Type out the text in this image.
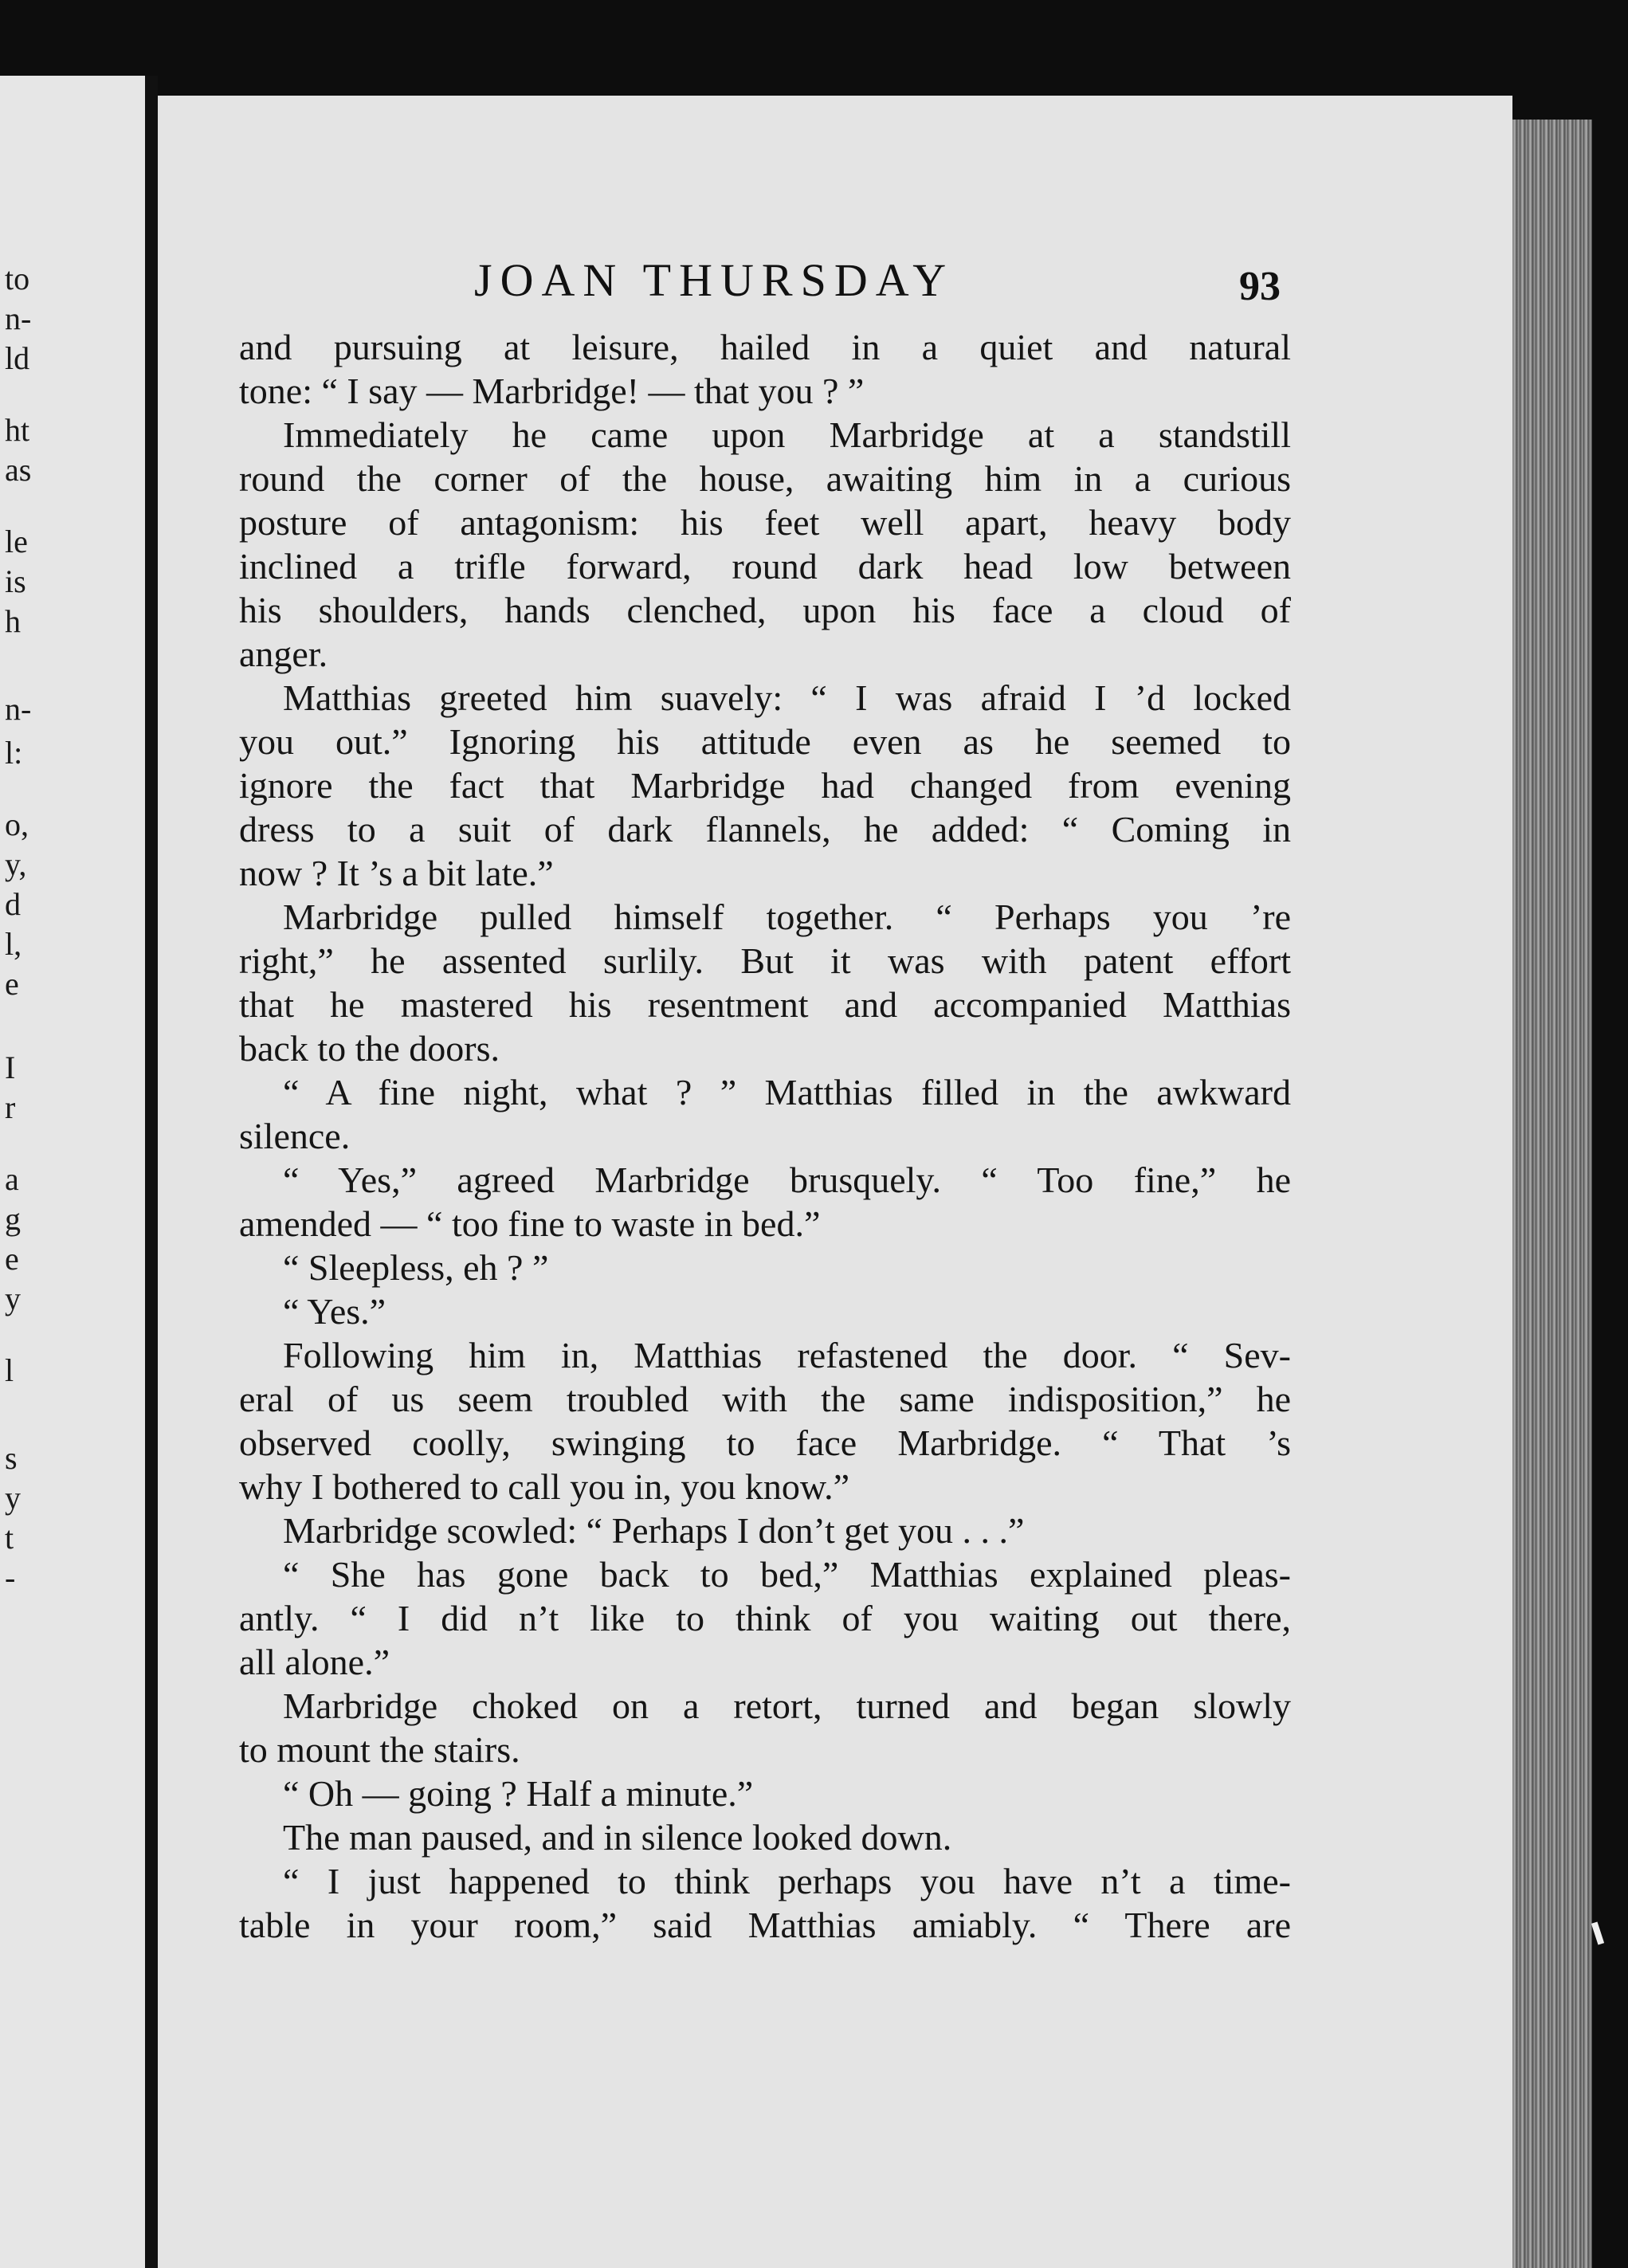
to
n-
ld
ht
as
le
is
h
n-
l:
o,
y,
d
l,
e
I
r
a
g
e
y
l
s
y
t
-
JOAN THURSDAY	93
and pursuing at leisure, hailed in a quiet and natural
tone: “ I say — Marbridge! — that you ? ”
Immediately he came upon Marbridge at a standstill
round the corner of the house, awaiting him in a curious
posture of antagonism: his feet well apart, heavy body
inclined a trifle forward, round dark head low between
his shoulders, hands clenched, upon his face a cloud of
anger.
Matthias greeted him suavely: “ I was afraid I ’d locked
you out.” Ignoring his attitude even as he seemed to
ignore the fact that Marbridge had changed from evening
dress to a suit of dark flannels, he added: “ Coming in
now ? It ’s a bit late.”
Marbridge pulled himself together. “ Perhaps you ’re
right,” he assented surlily. But it was with patent effort
that he mastered his resentment and accompanied Matthias
back to the doors.
“ A fine night, what ? ” Matthias filled in the awkward
silence.
“ Yes,” agreed Marbridge brusquely. “ Too fine,” he
amended — “ too fine to waste in bed.”
“ Sleepless, eh ? ”
“ Yes.”
Following him in, Matthias refastened the door. “ Sev-
eral of us seem troubled with the same indisposition,” he
observed coolly, swinging to face Marbridge. “ That ’s
why I bothered to call you in, you know.”
Marbridge scowled: “ Perhaps I don’t get you . . .”
“ She has gone back to bed,” Matthias explained pleas-
antly. “ I did n’t like to think of you waiting out there,
all alone.”
Marbridge choked on a retort, turned and began slowly
to mount the stairs.
“ Oh — going ? Half a minute.”
The man paused, and in silence looked down.
“ I just happened to think perhaps you have n’t a time-
table in your room,” said Matthias amiably. “ There are
